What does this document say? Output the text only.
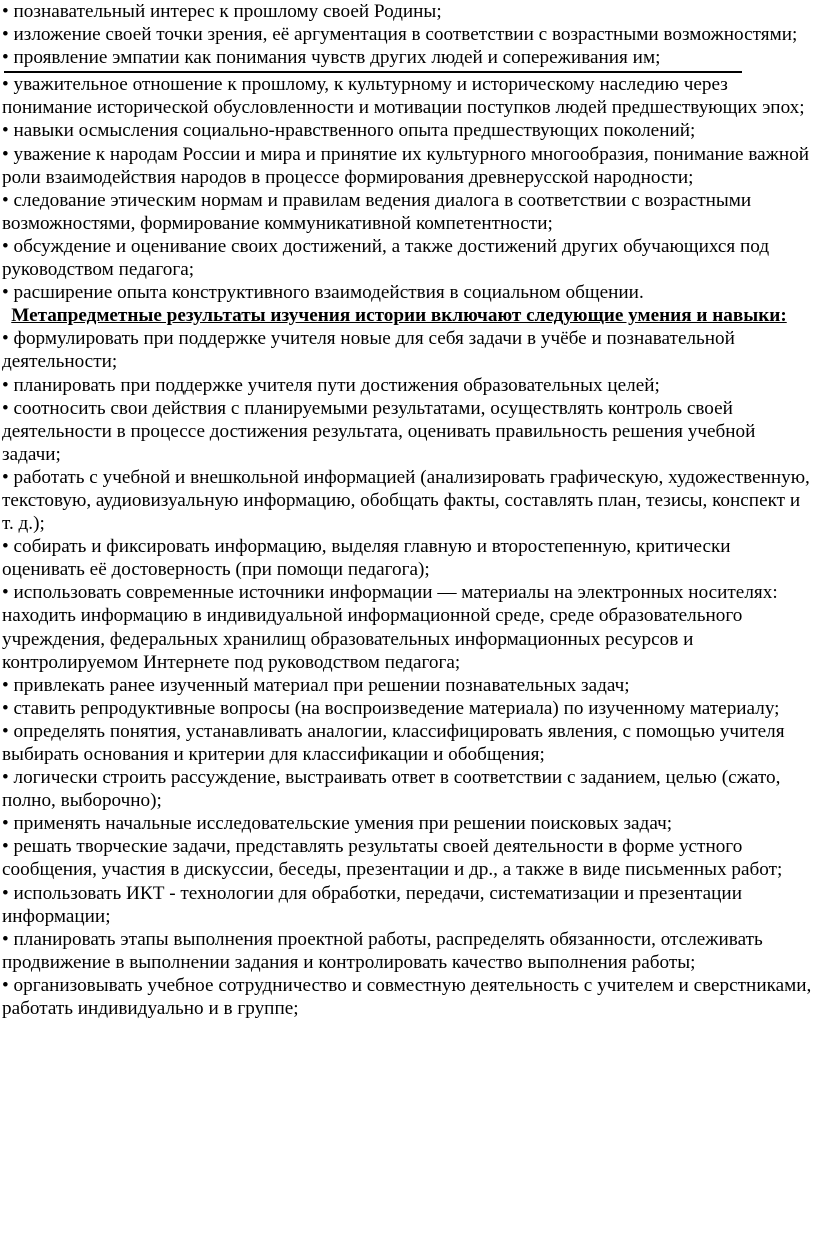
• познавательный интерес к прошлому своей Родины;

• изложение своей точки зрения, её аргументация в соответствии с возрастными возможностями;

• проявление эмпатии как понимания чувств других людей и сопереживания им;

• уважительное отношение к прошлому, к культурному и историческому наследию через понимание исторической обусловленности и мотивации поступков людей предшествующих эпох;

• навыки осмысления социально-нравственного опыта предшествующих поколений;

• уважение к народам России и мира и принятие их культурного многообразия, понимание важной роли взаимодействия народов в процессе формирования древнерусской народности;

• следование этическим нормам и правилам ведения диалога в соответствии с возрастными возможностями, формирование коммуникативной компетентности;

• обсуждение и оценивание своих достижений, а также достижений других обучающихся под руководством педагога;

• расширение опыта конструктивного взаимодействия в социальном общении.

Метапредметные результаты изучения истории включают следующие умения и навыки:

• формулировать при поддержке учителя новые для себя задачи в учёбе и познавательной деятельности;

• планировать при поддержке учителя пути достижения образовательных целей;

• соотносить свои действия с планируемыми результатами, осуществлять контроль своей деятельности в процессе достижения результата, оценивать правильность решения учебной задачи;

• работать с учебной и внешкольной информацией (анализировать графическую, художественную, текстовую, аудиовизуальную информацию, обобщать факты, составлять план, тезисы, конспект и т. д.);

• собирать и фиксировать информацию, выделяя главную и второстепенную, критически оценивать её достоверность (при помощи педагога);

• использовать современные источники информации — материалы на электронных носителях: находить информацию в индивидуальной информационной среде, среде образовательного учреждения, федеральных хранилищ образовательных информационных ресурсов и контролируемом Интернете под руководством педагога;

• привлекать ранее изученный материал при решении познавательных задач;

• ставить репродуктивные вопросы (на воспроизведение материала) по изученному материалу;

• определять понятия, устанавливать аналогии, классифицировать явления, с помощью учителя выбирать основания и критерии для классификации и обобщения;

• логически строить рассуждение, выстраивать ответ в соответствии с заданием, целью (сжато, полно, выборочно);

• применять начальные исследовательские умения при решении поисковых задач;

• решать творческие задачи, представлять результаты своей деятельности в форме устного сообщения, участия в дискуссии, беседы, презентации и др., а также в виде письменных работ;

• использовать ИКТ - технологии для обработки, передачи, систематизации и презентации информации;

• планировать этапы выполнения проектной работы, распределять обязанности, отслеживать продвижение в выполнении задания и контролировать качество выполнения работы;

• организовывать учебное сотрудничество и совместную деятельность с учителем и сверстниками, работать индивидуально и в группе;
